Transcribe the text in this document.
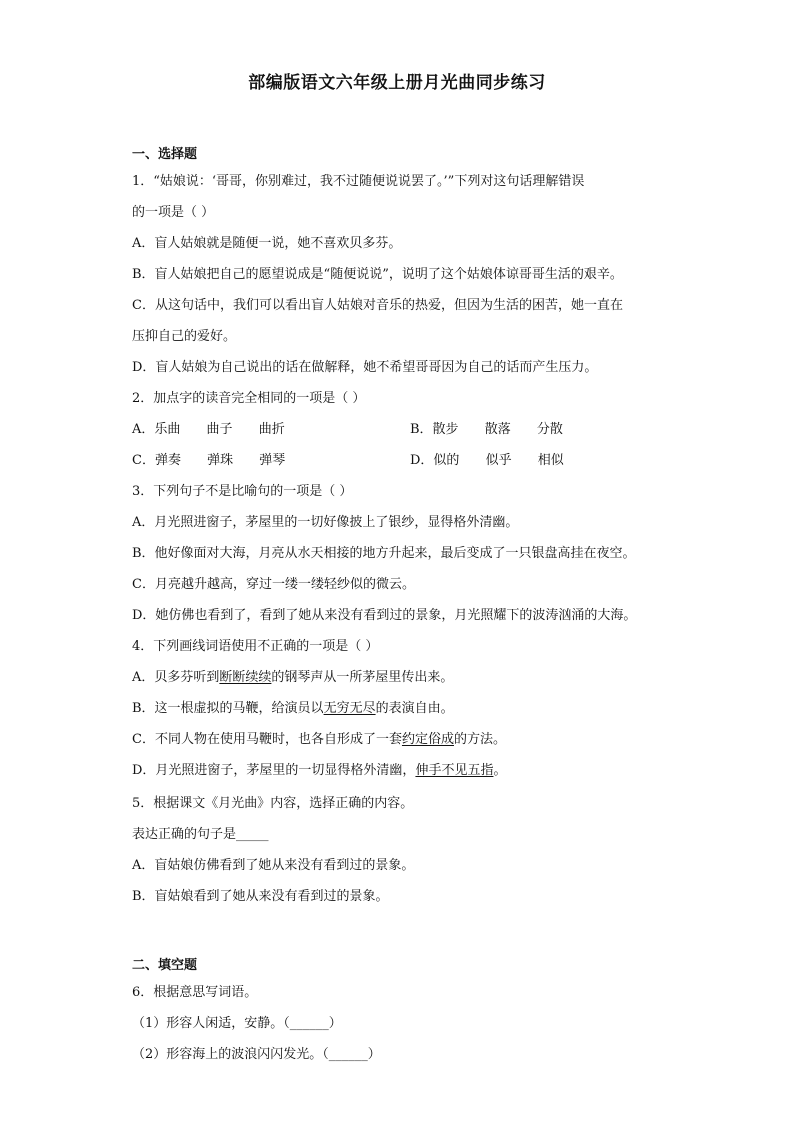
部编版语文六年级上册月光曲同步练习
一、选择题
1．“姑娘说：‘哥哥，你别难过，我不过随便说说罢了。’”下列对这句话理解错误
的一项是（ ）
A．盲人姑娘就是随便一说，她不喜欢贝多芬。
B．盲人姑娘把自己的愿望说成是“随便说说”，说明了这个姑娘体谅哥哥生活的艰辛。
C．从这句话中，我们可以看出盲人姑娘对音乐的热爱，但因为生活的困苦，她一直在
压抑自己的爱好。
D．盲人姑娘为自己说出的话在做解释，她不希望哥哥因为自己的话而产生压力。
2．加点字的读音完全相同的一项是（ ）
A．乐曲 曲子 曲折	B．散步 散落 分散
C．弹奏 弹珠 弹琴	D．似的 似乎 相似
3．下列句子不是比喻句的一项是（ ）
A．月光照进窗子，茅屋里的一切好像披上了银纱，显得格外清幽。
B．他好像面对大海，月亮从水天相接的地方升起来，最后变成了一只银盘高挂在夜空。
C．月亮越升越高，穿过一缕一缕轻纱似的微云。
D．她仿佛也看到了，看到了她从来没有看到过的景象，月光照耀下的波涛汹涌的大海。
4．下列画线词语使用不正确的一项是（ ）
A．贝多芬听到断断续续的钢琴声从一所茅屋里传出来。
B．这一根虚拟的马鞭，给演员以无穷无尽的表演自由。
C．不同人物在使用马鞭时，也各自形成了一套约定俗成的方法。
D．月光照进窗子，茅屋里的一切显得格外清幽，伸手不见五指。
5．根据课文《月光曲》内容，选择正确的内容。
表达正确的句子是_____
A．盲姑娘仿佛看到了她从来没有看到过的景象。
B．盲姑娘看到了她从来没有看到过的景象。
二、填空题
6．根据意思写词语。
（1）形容人闲适，安静。（______）
（2）形容海上的波浪闪闪发光。（______）
